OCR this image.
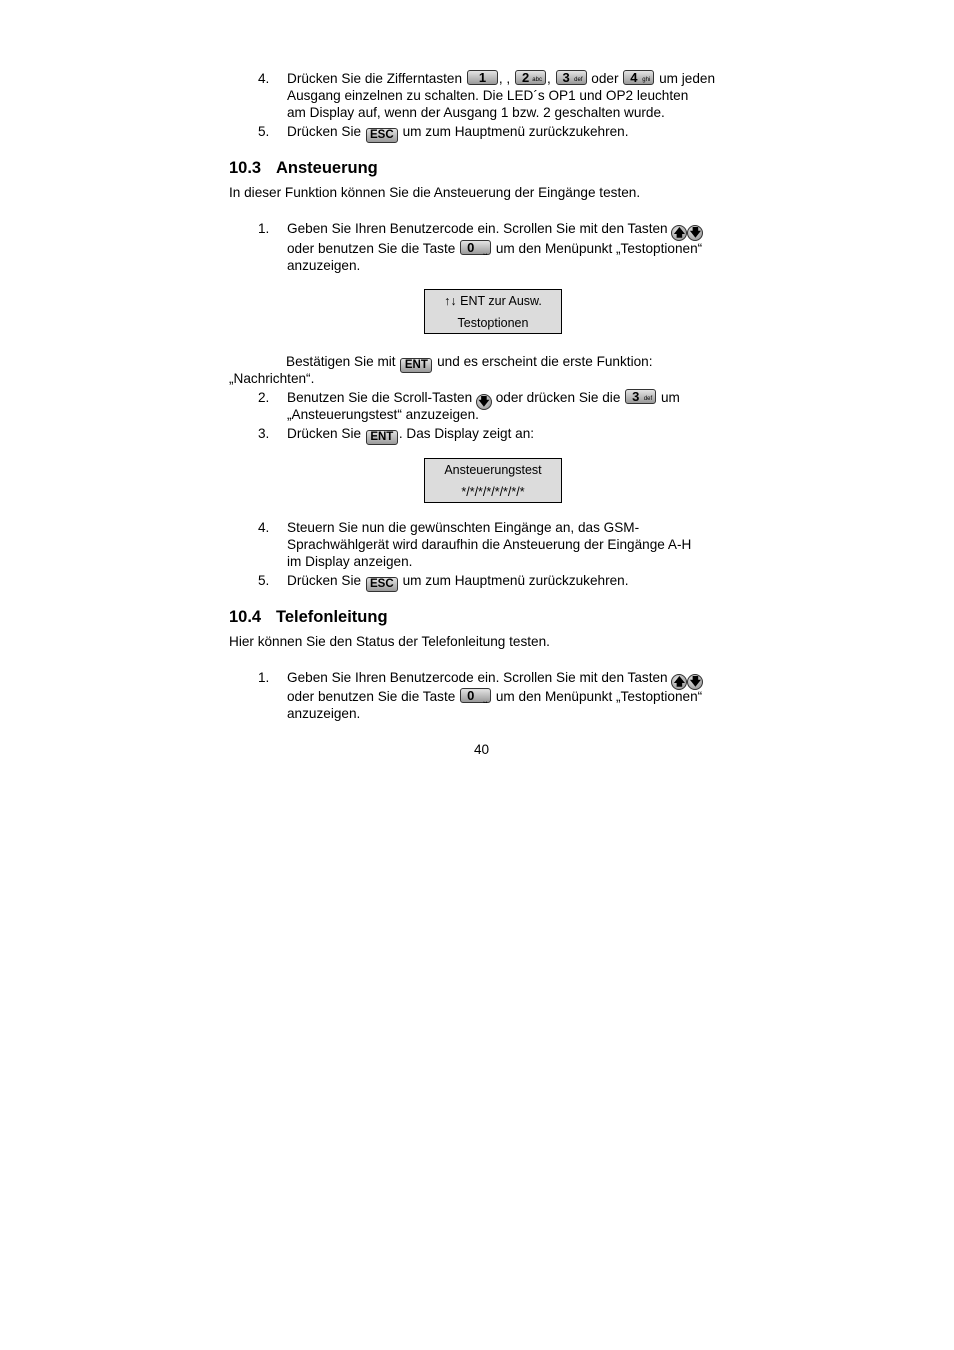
4.	Drücken Sie die Zifferntasten 1 , , 2 abc , 3 def oder 4 ghi um jeden
Ausgang einzelnen zu schalten. Die LED´s OP1 und OP2 leuchten
am Display auf, wenn der Ausgang 1 bzw. 2 geschalten wurde.
5.	Drücken Sie ESC um zum Hauptmenü zurückzukehren.
10.3 Ansteuerung
In dieser Funktion können Sie die Ansteuerung der Eingänge testen.
1.	Geben Sie Ihren Benutzercode ein. Scrollen Sie mit den Tasten 🡅 🡇
oder benutzen Sie die Taste 0 ⎵ um den Menüpunkt „Testoptionen“
anzuzeigen.
↑↓ ENT zur Ausw.
Testoptionen
Bestätigen Sie mit ENT und es erscheint die erste Funktion:
„Nachrichten“.
2.	Benutzen Sie die Scroll-Tasten 🡇 oder drücken Sie die 3 def um
„Ansteuerungstest“ anzuzeigen.
3.	Drücken Sie ENT . Das Display zeigt an:
Ansteuerungstest
*/*/*/*/*/*/*/*
4.	Steuern Sie nun die gewünschten Eingänge an, das GSM-
Sprachwählgerät wird daraufhin die Ansteuerung der Eingänge A-H
im Display anzeigen.
5.	Drücken Sie ESC um zum Hauptmenü zurückzukehren.
10.4 Telefonleitung
Hier können Sie den Status der Telefonleitung testen.
1.	Geben Sie Ihren Benutzercode ein. Scrollen Sie mit den Tasten 🡅 🡇
oder benutzen Sie die Taste 0 ⎵ um den Menüpunkt „Testoptionen“
anzuzeigen.
40
